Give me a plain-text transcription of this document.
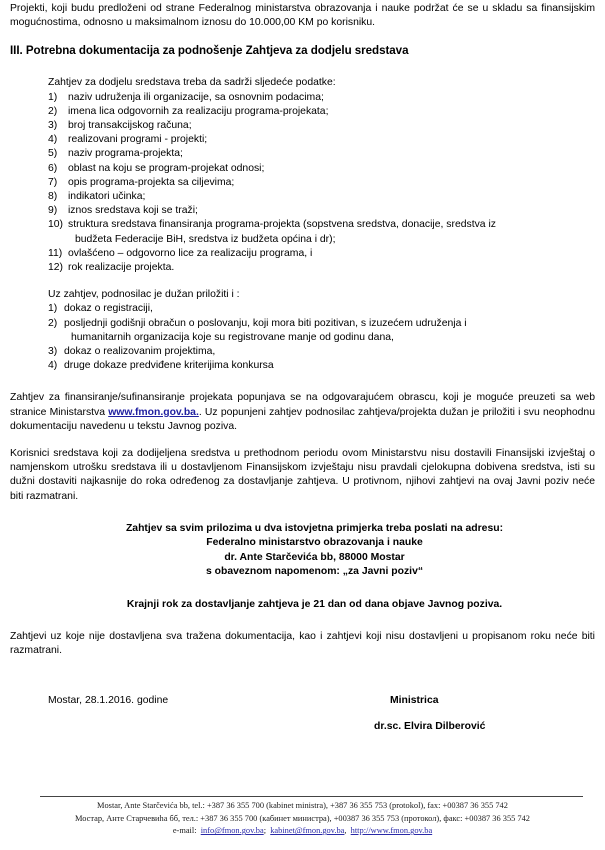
Projekti, koji budu predloženi od strane Federalnog ministarstva obrazovanja i nauke podržat će se u skladu sa finansijskim mogućnostima, odnosno u maksimalnom iznosu do 10.000,00 KM po korisniku.

III. Potrebna dokumentacija za podnošenje Zahtjeva za dodjelu sredstava
Zahtjev za dodjelu sredstava treba da sadrži sljedeće podatke:
1)	naziv udruženja ili organizacije, sa osnovnim podacima;
2)	imena lica odgovornih za realizaciju programa-projekata;
3)	broj transakcijskog računa;
4)	realizovani programi - projekti;
5)	naziv programa-projekta;
6)	oblast na koju se program-projekat odnosi;
7)	opis programa-projekta sa ciljevima;
8)	indikatori učinka;
9)	iznos sredstava koji se traži;
10) struktura sredstava finansiranja programa-projekta (sopstvena sredstva, donacije, sredstva iz
budžeta Federacije BiH, sredstva iz budžeta općina i dr);
11) ovlašćeno – odgovorno lice za realizaciju programa, i
12) rok realizacije projekta.
Uz zahtjev, podnosilac je dužan priložiti i :
1) dokaz o registraciji,
2) posljednji godišnji obračun o poslovanju, koji mora biti pozitivan, s izuzećem udruženja i
humanitarnih organizacija koje su registrovane manje od godinu dana,
3) dokaz o realizovanim projektima,
4) druge dokaze predviđene kriterijima konkursa

Zahtjev za finansiranje/sufinansiranje projekata popunjava se na odgovarajućem obrascu, koji je moguće preuzeti sa web stranice Ministarstva www.fmon.gov.ba.. Uz popunjeni zahtjev podnosilac zahtjeva/projekta dužan je priložiti i svu neophodnu dokumentaciju navedenu u tekstu Javnog poziva.

Korisnici sredstava koji za dodijeljena sredstva u prethodnom periodu ovom Ministarstvu nisu dostavili Finansijski izvještaj o namjenskom utrošku sredstava ili u dostavljenom Finansijskom izvještaju nisu pravdali cjelokupna dobivena sredstva, isti su dužni dostaviti najkasnije do roka određenog za dostavljanje zahtjeva. U protivnom, njihovi zahtjevi na ovaj Javni poziv neće biti razmatrani.

Zahtjev sa svim prilozima u dva istovjetna primjerka treba poslati na adresu:
Federalno ministarstvo obrazovanja i nauke
dr. Ante Starčevića bb, 88000 Mostar
s obaveznom napomenom: „za Javni poziv“
Krajnji rok za dostavljanje zahtjeva je 21 dan od dana objave Javnog poziva.

Zahtjevi uz koje nije dostavljena sva tražena dokumentacija, kao i zahtjevi koji nisu dostavljeni u propisanom roku neće biti razmatrani.

Mostar, 28.1.2016. godine	Ministrica
dr.sc. Elvira Dilberović
Mostar, Ante Starčevića bb, tel.: +387 36 355 700 (kabinet ministra), +387 36 355 753 (protokol), fax: +00387 36 355 742
Мостар, Анте Старчевиһа бб, тел.: +387 36 355 700 (кабинет министра), +00387 36 355 753 (протокол), факс: +00387 36 355 742
e-mail: info@fmon.gov.ba; kabinet@fmon.gov.ba, http://www.fmon.gov.ba
